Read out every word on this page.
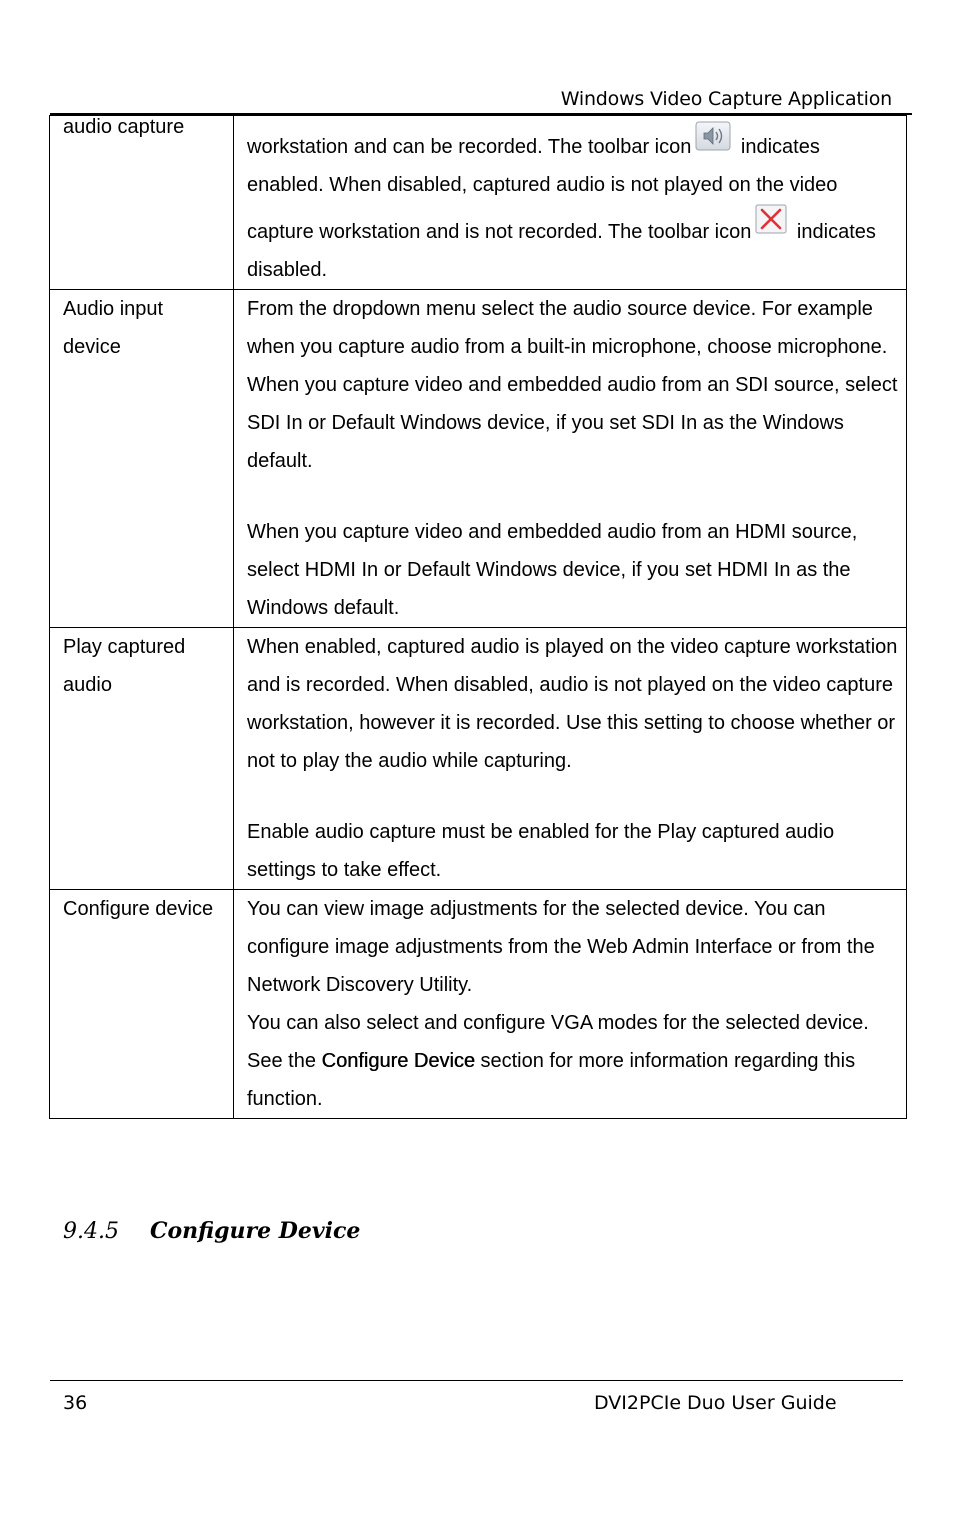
Windows Video Capture Application
audio capture	workstation and can be recorded. The toolbar icon indicates enabled. When disabled, captured audio is not played on the video capture workstation and is not recorded. The toolbar icon indicates disabled.

Audio input device	From the dropdown menu select the audio source device. For example when you capture audio from a built-in microphone, choose microphone. When you capture video and embedded audio from an SDI source, select SDI In or Default Windows device, if you set SDI In as the Windows default.
When you capture video and embedded audio from an HDMI source, select HDMI In or Default Windows device, if you set HDMI In as the Windows default.

Play captured audio	When enabled, captured audio is played on the video capture workstation and is recorded. When disabled, audio is not played on the video capture workstation, however it is recorded. Use this setting to choose whether or not to play the audio while capturing.
Enable audio capture must be enabled for the Play captured audio settings to take effect.

Configure device	You can view image adjustments for the selected device. You can configure image adjustments from the Web Admin Interface or from the Network Discovery Utility.
You can also select and configure VGA modes for the selected device.
See the Configure Device section for more information regarding this function.
9.4.5 Configure Device
36	DVI2PCIe Duo User Guide
